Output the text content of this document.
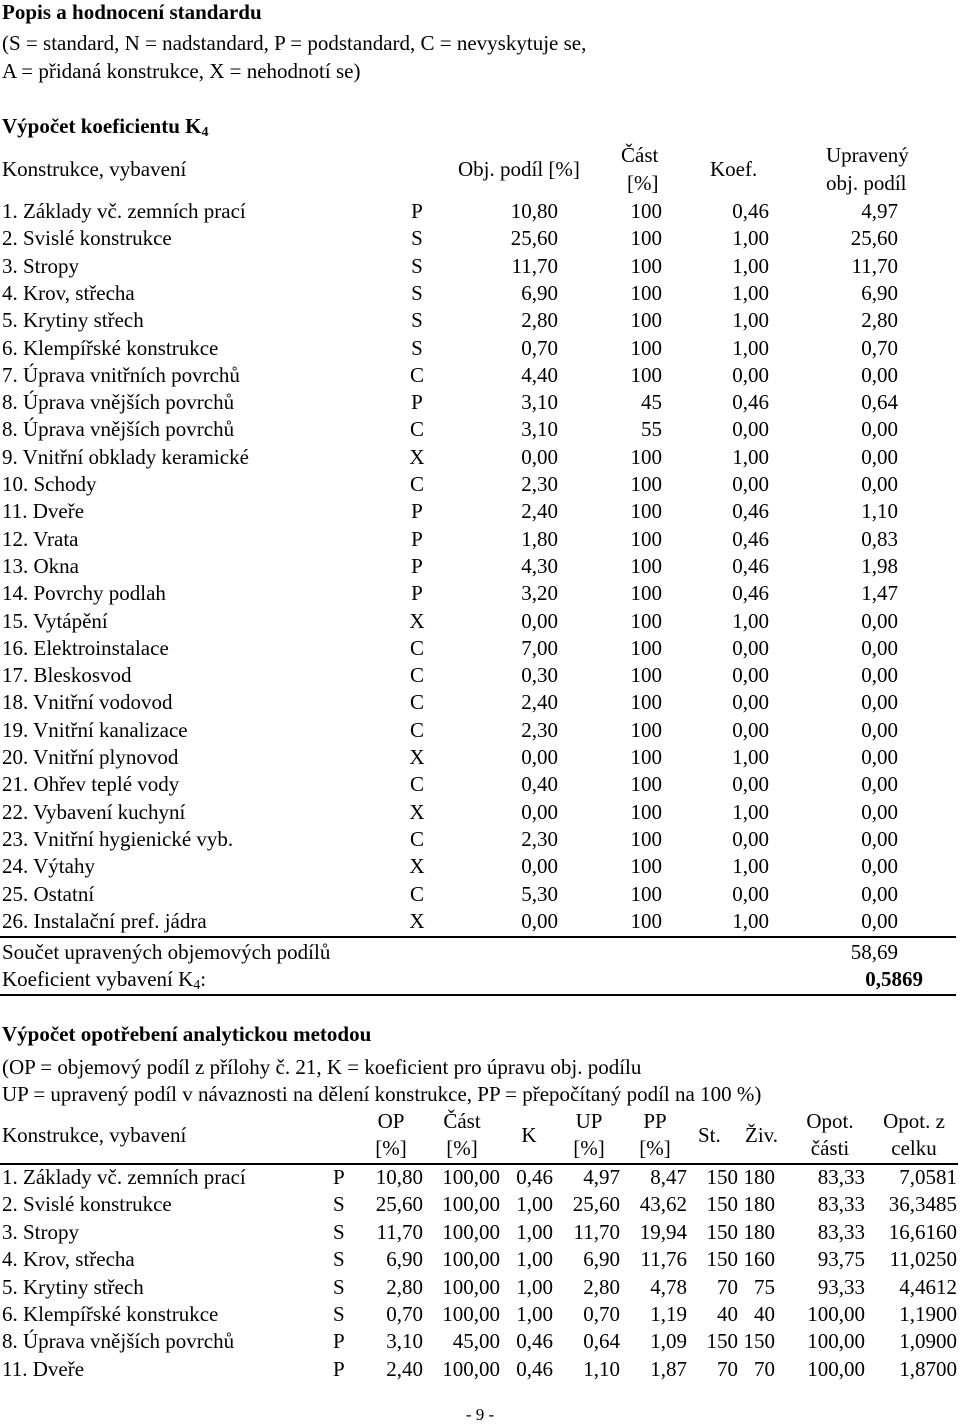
Popis a hodnocení standardu
(S = standard, N = nadstandard, P = podstandard, C = nevyskytuje se,
A = přidaná konstrukce, X = nehodnotí se)
Výpočet koeficientu $K_4$
Konstrukce, vybavení	Obj. podíl [%]
Část
[%]
Koef.
Upravený
obj. podíl
1. Základy vč. zemních prací	P	10,80	100	0,46	4,97
2. Svislé konstrukce	S	25,60	100	1,00	25,60
3. Stropy	S	11,70	100	1,00	11,70
4. Krov, střecha	S	6,90	100	1,00	6,90
5. Krytiny střech	S	2,80	100	1,00	2,80
6. Klempířské konstrukce	S	0,70	100	1,00	0,70
7. Úprava vnitřních povrchů	C	4,40	100	0,00	0,00
8. Úprava vnějších povrchů	P	3,10	45	0,46	0,64
8. Úprava vnějších povrchů	C	3,10	55	0,00	0,00
9. Vnitřní obklady keramické	X	0,00	100	1,00	0,00
10. Schody	C	2,30	100	0,00	0,00
11. Dveře	P	2,40	100	0,46	1,10
12. Vrata	P	1,80	100	0,46	0,83
13. Okna	P	4,30	100	0,46	1,98
14. Povrchy podlah	P	3,20	100	0,46	1,47
15. Vytápění	X	0,00	100	1,00	0,00
16. Elektroinstalace	C	7,00	100	0,00	0,00
17. Bleskosvod	C	0,30	100	0,00	0,00
18. Vnitřní vodovod	C	2,40	100	0,00	0,00
19. Vnitřní kanalizace	C	2,30	100	0,00	0,00
20. Vnitřní plynovod	X	0,00	100	1,00	0,00
21. Ohřev teplé vody	C	0,40	100	0,00	0,00
22. Vybavení kuchyní	X	0,00	100	1,00	0,00
23. Vnitřní hygienické vyb.	C	2,30	100	0,00	0,00
24. Výtahy	X	0,00	100	1,00	0,00
25. Ostatní	C	5,30	100	0,00	0,00
26. Instalační pref. jádra	X	0,00	100	1,00	0,00
Součet upravených objemových podílů	58,69
Koeficient vybavení $K_4$:	0,5869
Výpočet opotřebení analytickou metodou
(OP = objemový podíl z přílohy č. 21, K = koeficient pro úpravu obj. podílu
UP = upravený podíl v návaznosti na dělení konstrukce, PP = přepočítaný podíl na 100 %)
Konstrukce, vybavení
OP
[%]
Část
[%]
K
UP
[%]
PP
[%]
St. Živ.
Opot.
části
Opot. z
celku
1. Základy vč. zemních prací	P	10,80 100,00 0,46	4,97	8,47 150 180	83,33	7,0581
2. Svislé konstrukce	S	25,60 100,00 1,00 25,60 43,62 150 180	83,33	36,3485
3. Stropy	S	11,70 100,00 1,00 11,70 19,94 150 180	83,33	16,6160
4. Krov, střecha	S	6,90 100,00 1,00	6,90 11,76 150 160	93,75	11,0250
5. Krytiny střech	S	2,80 100,00 1,00	2,80	4,78	70 75	93,33	4,4612
6. Klempířské konstrukce	S	0,70 100,00 1,00	0,70	1,19	40 40	100,00	1,1900
8. Úprava vnějších povrchů	P	3,10	45,00 0,46	0,64	1,09 150 150	100,00	1,0900
11. Dveře	P	2,40 100,00 0,46	1,10	1,87	70 70	100,00	1,8700
- 9 -
